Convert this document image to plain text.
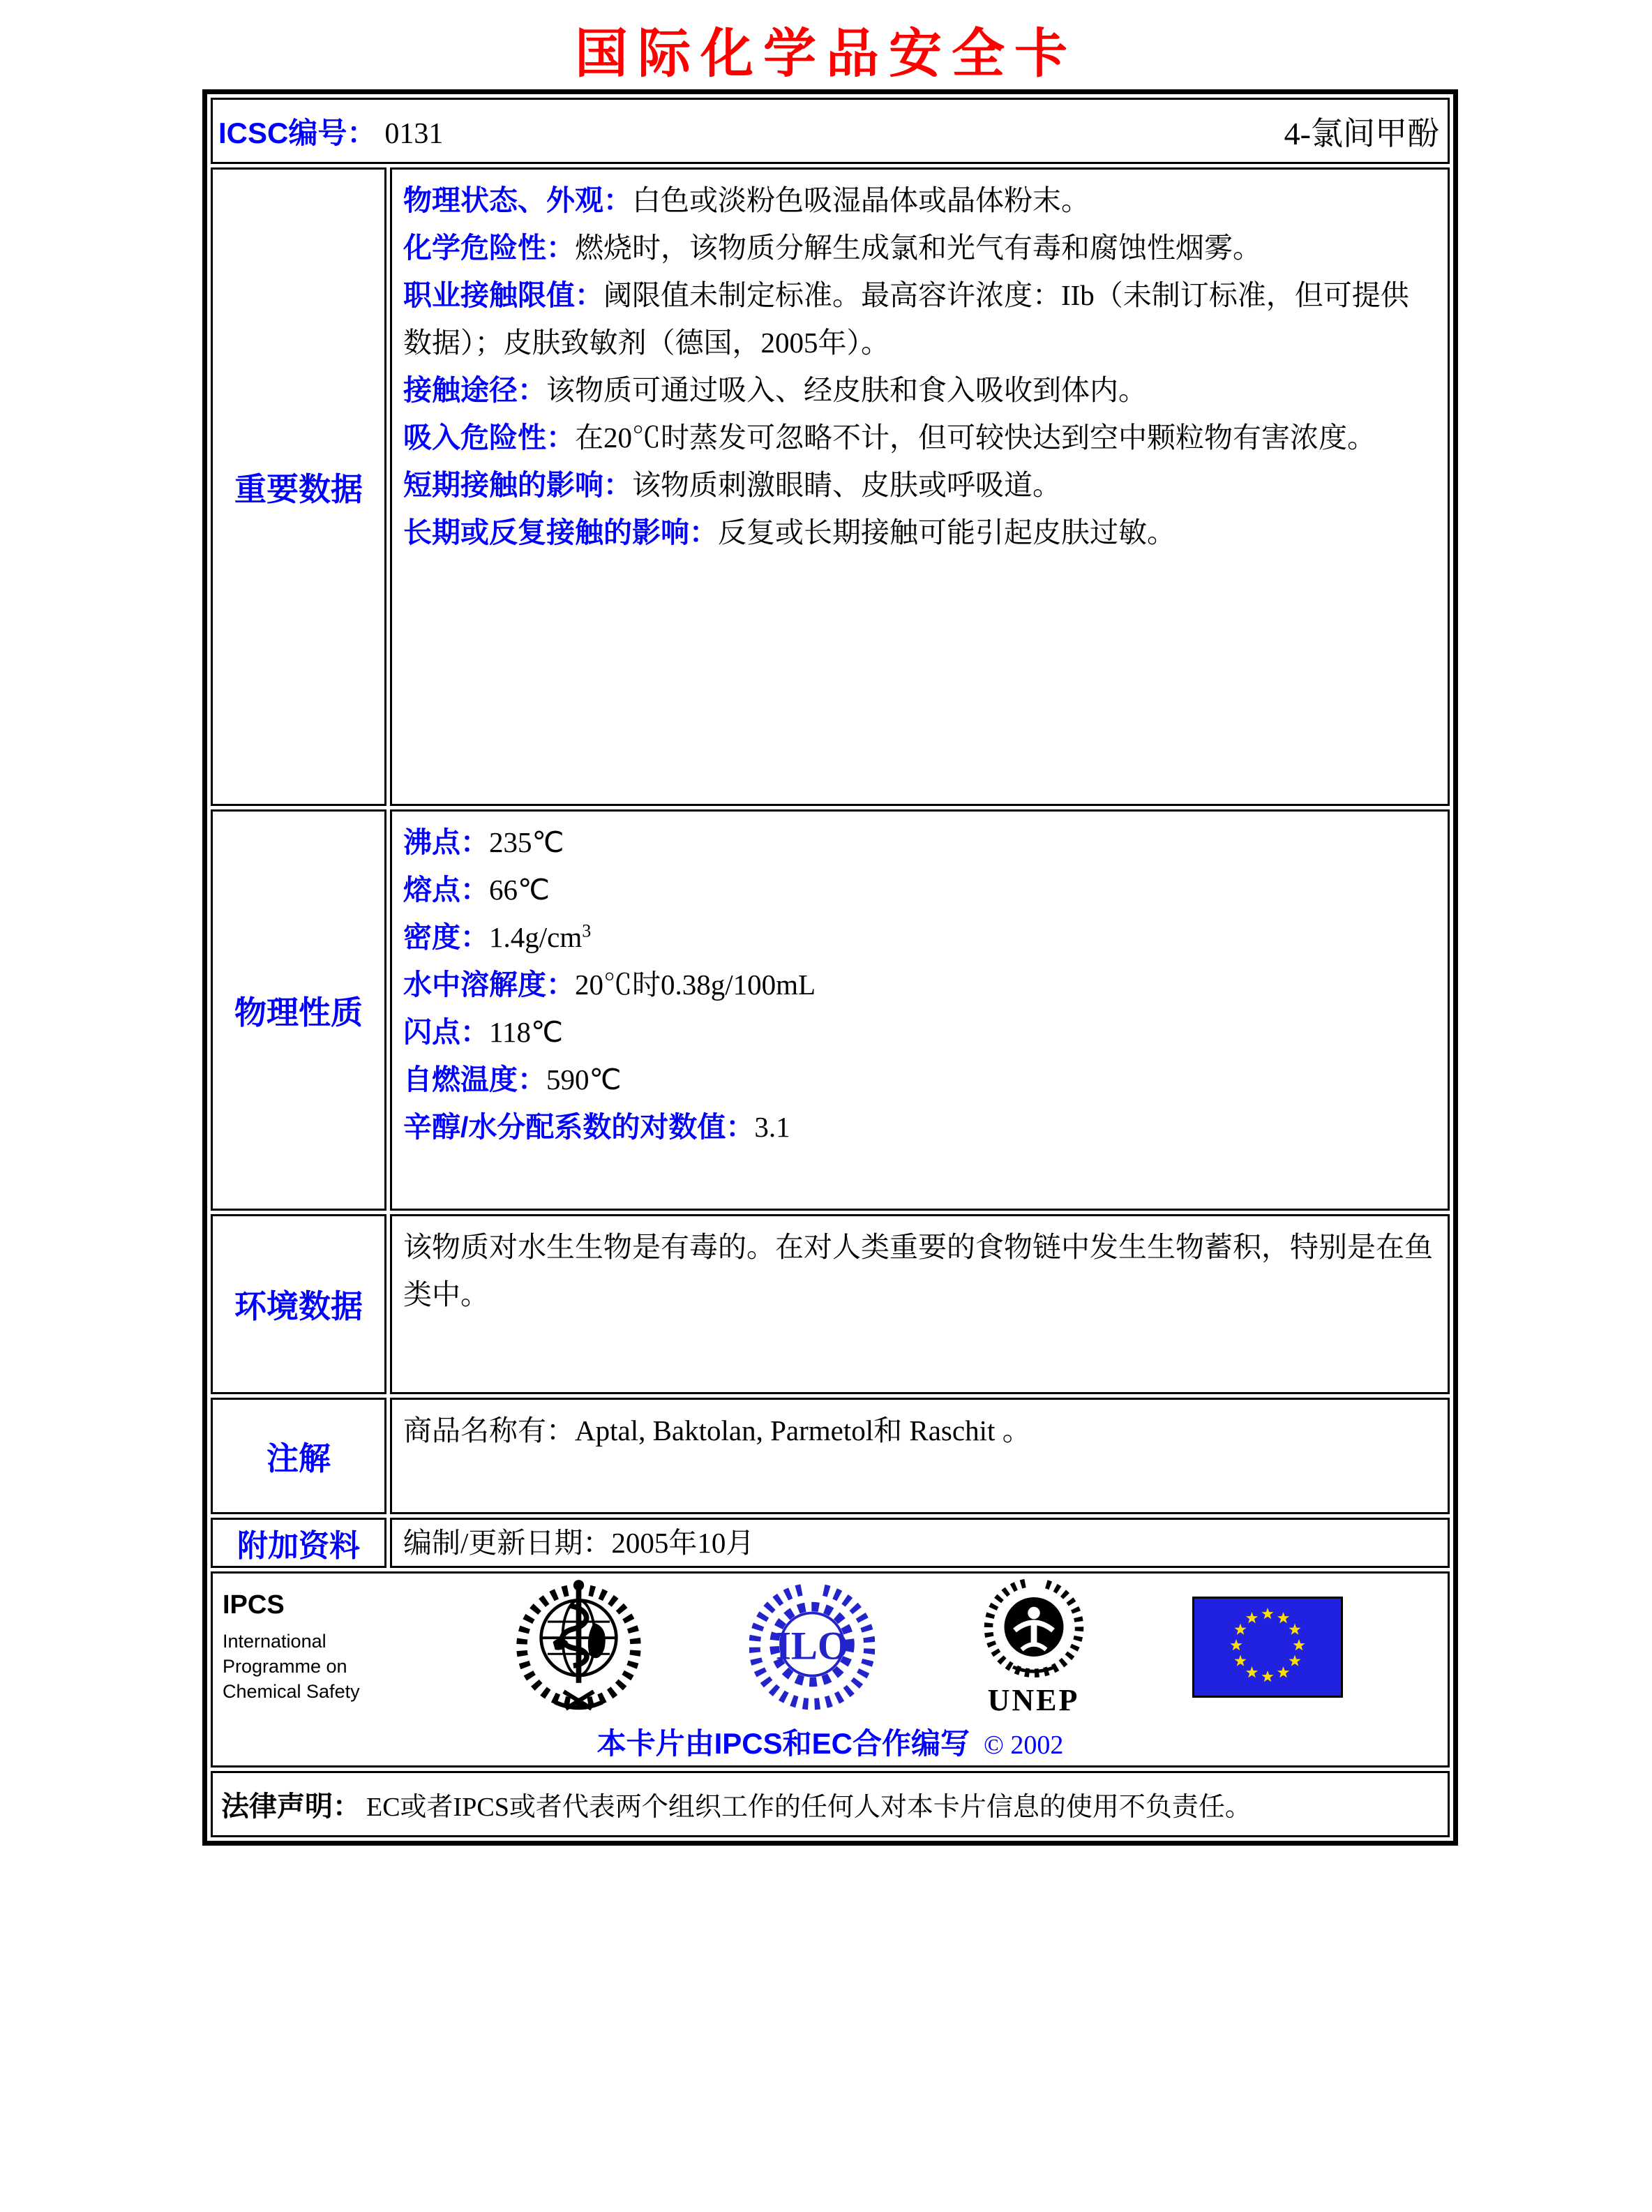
国际化学品安全卡
ICSC编号： 0131	4-氯间甲酚
重要数据

物理状态、外观：白色或淡粉色吸湿晶体或晶体粉末。

化学危险性：燃烧时，该物质分解生成氯和光气有毒和腐蚀性烟雾。

职业接触限值：阈限值未制定标准。最高容许浓度：IIb（未制订标准，但可提供数据）；皮肤致敏剂（德国，2005年）。

接触途径：该物质可通过吸入、经皮肤和食入吸收到体内。

吸入危险性：在20℃时蒸发可忽略不计，但可较快达到空中颗粒物有害浓度。

短期接触的影响：该物质刺激眼睛、皮肤或呼吸道。

长期或反复接触的影响：反复或长期接触可能引起皮肤过敏。

物理性质

沸点：235℃

熔点：66℃

密度：$1.4g/cm^3$

水中溶解度：20℃时0.38g/100mL

闪点：118℃

自燃温度：590℃

辛醇/水分配系数的对数值：3.1

环境数据

该物质对水生生物是有毒的。在对人类重要的食物链中发生生物蓄积，特别是在鱼类中。

注解

商品名称有：Aptal, Baktolan, Parmetol和 Raschit 。

附加资料	编制/更新日期：2005年10月

IPCS

International
Programme on
Chemical Safety
ILO
UNEP
本卡片由IPCS和EC合作编写 © 2002
法律声明： EC或者IPCS或者代表两个组织工作的任何人对本卡片信息的使用不负责任。
